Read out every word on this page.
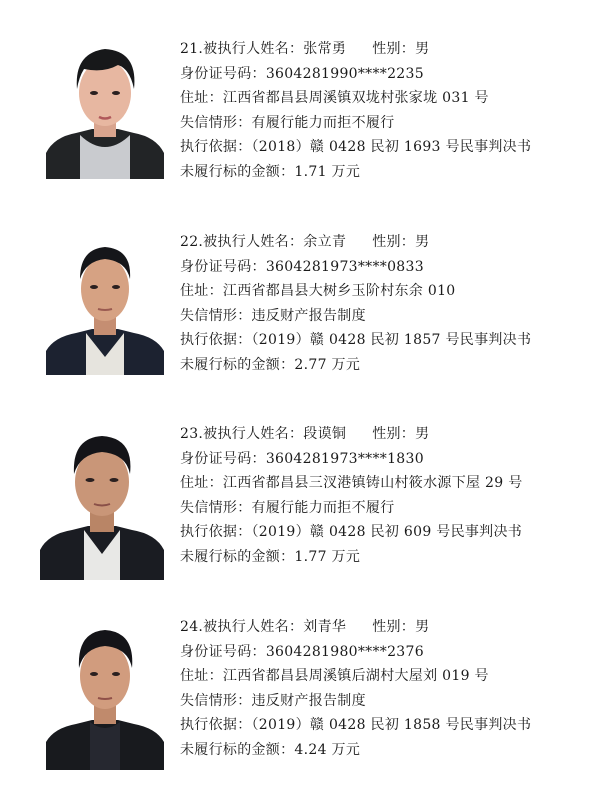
21.被执行人姓名：张常勇 性别：男
身份证号码：3604281990****2235
住址：江西省都昌县周溪镇双垅村张家垅 031 号
失信情形：有履行能力而拒不履行
执行依据：（2018）赣 0428 民初 1693 号民事判决书
未履行标的金额：1.71 万元
22.被执行人姓名：余立青 性别：男
身份证号码：3604281973****0833
住址：江西省都昌县大树乡玉阶村东余 010
失信情形：违反财产报告制度
执行依据：（2019）赣 0428 民初 1857 号民事判决书
未履行标的金额：2.77 万元
23.被执行人姓名：段谟铜 性别：男
身份证号码：3604281973****1830
住址：江西省都昌县三汊港镇铸山村筱水源下屋 29 号
失信情形：有履行能力而拒不履行
执行依据：（2019）赣 0428 民初 609 号民事判决书
未履行标的金额：1.77 万元
24.被执行人姓名：刘青华 性别：男
身份证号码：3604281980****2376
住址：江西省都昌县周溪镇后湖村大屋刘 019 号
失信情形：违反财产报告制度
执行依据：（2019）赣 0428 民初 1858 号民事判决书
未履行标的金额：4.24 万元
